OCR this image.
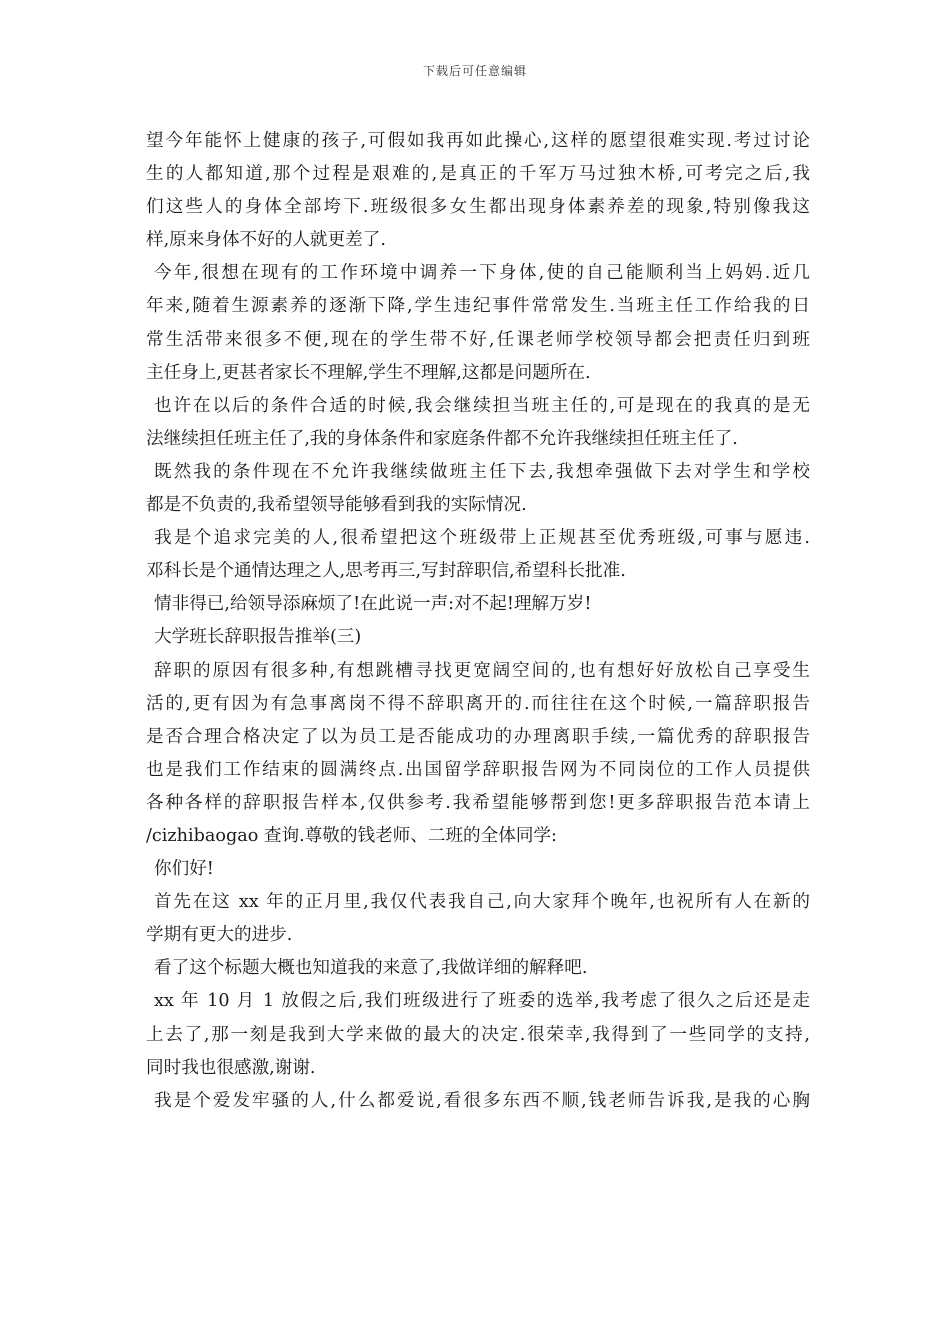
下载后可任意编辑
望今年能怀上健康的孩子,可假如我再如此操心,这样的愿望很难实现.考过讨论
生的人都知道,那个过程是艰难的,是真正的千军万马过独木桥,可考完之后,我
们这些人的身体全部垮下.班级很多女生都出现身体素养差的现象,特别像我这
样,原来身体不好的人就更差了.
今年,很想在现有的工作环境中调养一下身体,使的自己能顺利当上妈妈.近几
年来,随着生源素养的逐渐下降,学生违纪事件常常发生.当班主任工作给我的日
常生活带来很多不便,现在的学生带不好,任课老师学校领导都会把责任归到班
主任身上,更甚者家长不理解,学生不理解,这都是问题所在.
也许在以后的条件合适的时候,我会继续担当班主任的,可是现在的我真的是无
法继续担任班主任了,我的身体条件和家庭条件都不允许我继续担任班主任了.
既然我的条件现在不允许我继续做班主任下去,我想牵强做下去对学生和学校
都是不负责的,我希望领导能够看到我的实际情况.
我是个追求完美的人,很希望把这个班级带上正规甚至优秀班级,可事与愿违.
邓科长是个通情达理之人,思考再三,写封辞职信,希望科长批准.
情非得已,给领导添麻烦了!在此说一声:对不起!理解万岁!
大学班长辞职报告推举(三)
辞职的原因有很多种,有想跳槽寻找更宽阔空间的,也有想好好放松自己享受生
活的,更有因为有急事离岗不得不辞职离开的.而往往在这个时候,一篇辞职报告
是否合理合格决定了以为员工是否能成功的办理离职手续,一篇优秀的辞职报告
也是我们工作结束的圆满终点.出国留学辞职报告网为不同岗位的工作人员提供
各种各样的辞职报告样本,仅供参考.我希望能够帮到您!更多辞职报告范本请上
/cizhibaogao 查询.尊敬的钱老师、二班的全体同学:
你们好!
首先在这 xx 年的正月里,我仅代表我自己,向大家拜个晚年,也祝所有人在新的
学期有更大的进步.
看了这个标题大概也知道我的来意了,我做详细的解释吧.
xx 年 10 月 1 放假之后,我们班级进行了班委的选举,我考虑了很久之后还是走
上去了,那一刻是我到大学来做的最大的决定.很荣幸,我得到了一些同学的支持,
同时我也很感激,谢谢.
我是个爱发牢骚的人,什么都爱说,看很多东西不顺,钱老师告诉我,是我的心胸
